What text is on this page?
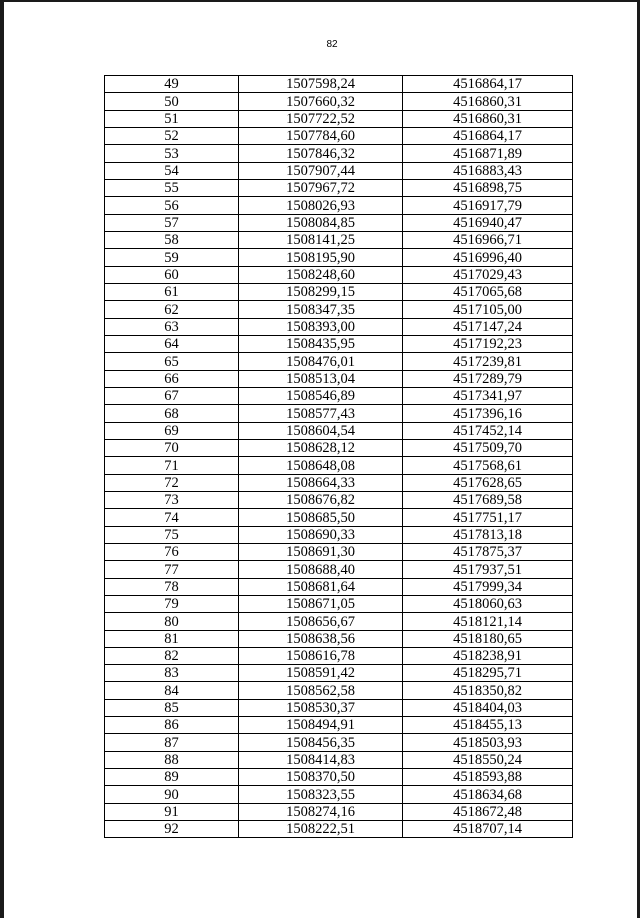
82
49	1507598,24	4516864,17
50	1507660,32	4516860,31
51	1507722,52	4516860,31
52	1507784,60	4516864,17
53	1507846,32	4516871,89
54	1507907,44	4516883,43
55	1507967,72	4516898,75
56	1508026,93	4516917,79
57	1508084,85	4516940,47
58	1508141,25	4516966,71
59	1508195,90	4516996,40
60	1508248,60	4517029,43
61	1508299,15	4517065,68
62	1508347,35	4517105,00
63	1508393,00	4517147,24
64	1508435,95	4517192,23
65	1508476,01	4517239,81
66	1508513,04	4517289,79
67	1508546,89	4517341,97
68	1508577,43	4517396,16
69	1508604,54	4517452,14
70	1508628,12	4517509,70
71	1508648,08	4517568,61
72	1508664,33	4517628,65
73	1508676,82	4517689,58
74	1508685,50	4517751,17
75	1508690,33	4517813,18
76	1508691,30	4517875,37
77	1508688,40	4517937,51
78	1508681,64	4517999,34
79	1508671,05	4518060,63
80	1508656,67	4518121,14
81	1508638,56	4518180,65
82	1508616,78	4518238,91
83	1508591,42	4518295,71
84	1508562,58	4518350,82
85	1508530,37	4518404,03
86	1508494,91	4518455,13
87	1508456,35	4518503,93
88	1508414,83	4518550,24
89	1508370,50	4518593,88
90	1508323,55	4518634,68
91	1508274,16	4518672,48
92	1508222,51	4518707,14
